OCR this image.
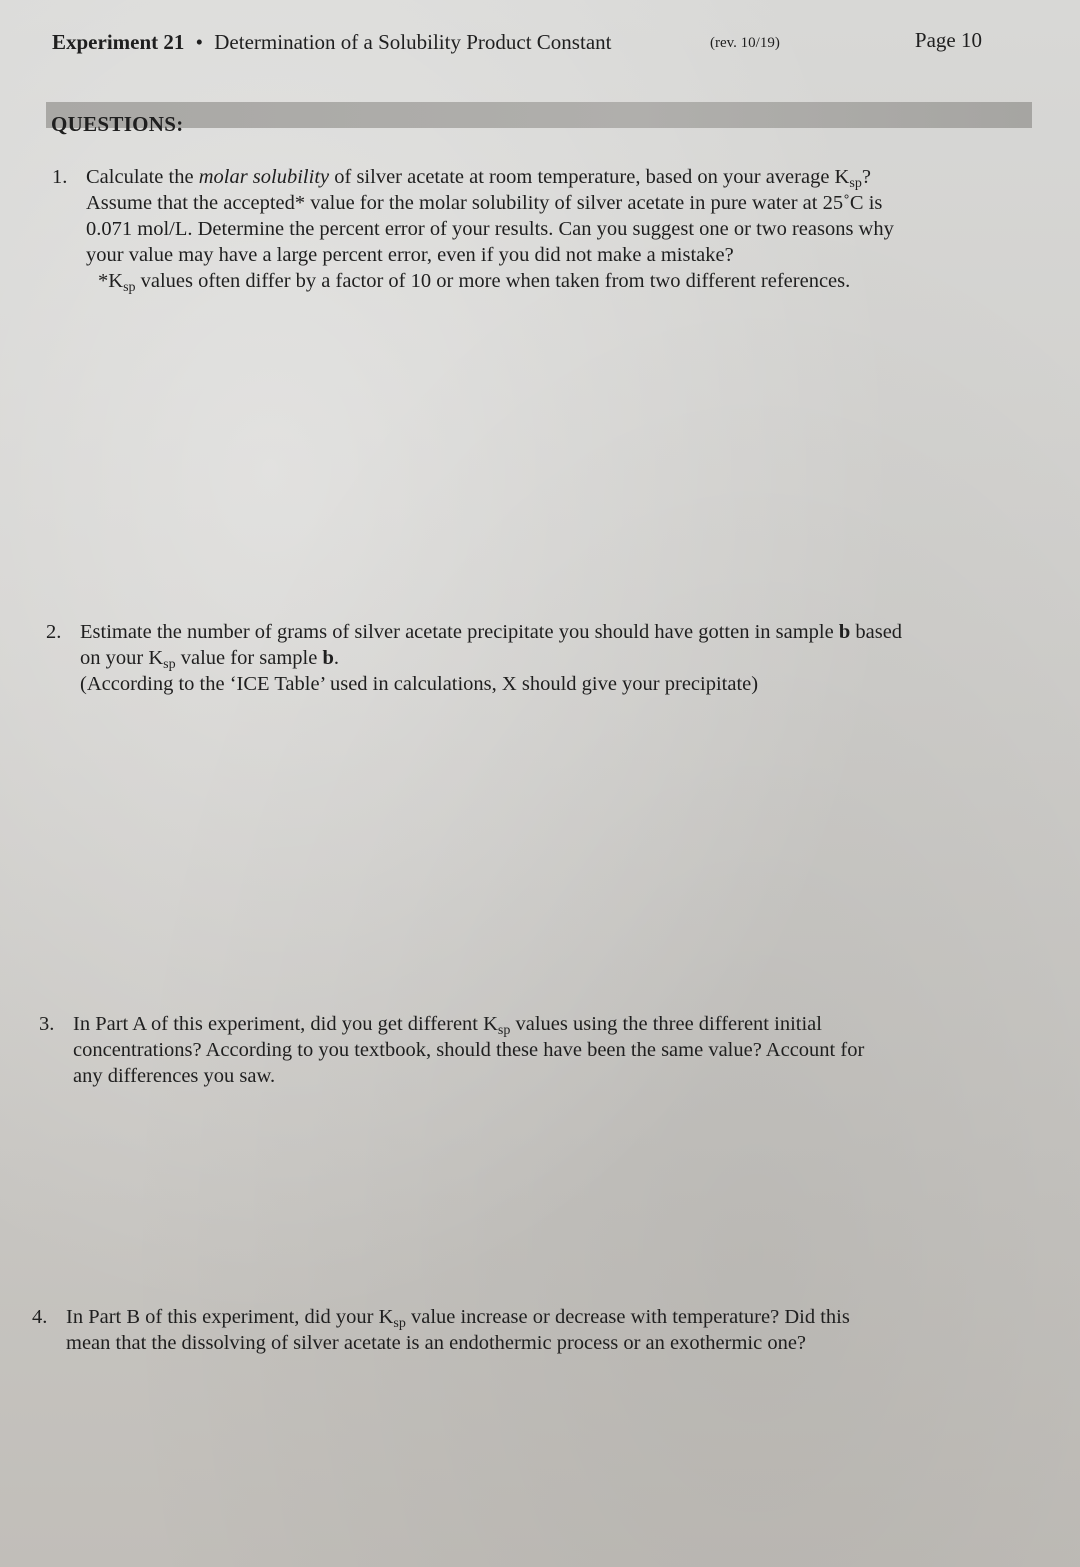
Experiment 21 • Determination of a Solubility Product Constant	(rev. 10/19)	Page 10
QUESTIONS:
1. Calculate the molar solubility of silver acetate at room temperature, based on your average $K_{sp}$?
Assume that the accepted* value for the molar solubility of silver acetate in pure water at 25˚C is
0.071 mol/L. Determine the percent error of your results. Can you suggest one or two reasons why
your value may have a large percent error, even if you did not make a mistake?
$*K_{sp}$ values often differ by a factor of 10 or more when taken from two different references.
2. Estimate the number of grams of silver acetate precipitate you should have gotten in sample b based
on your $K_{sp}$ value for sample b.
(According to the ‘ICE Table’ used in calculations, X should give your precipitate)
3. In Part A of this experiment, did you get different $K_{sp}$ values using the three different initial
concentrations? According to you textbook, should these have been the same value? Account for
any differences you saw.
4. In Part B of this experiment, did your $K_{sp}$ value increase or decrease with temperature? Did this
mean that the dissolving of silver acetate is an endothermic process or an exothermic one?
